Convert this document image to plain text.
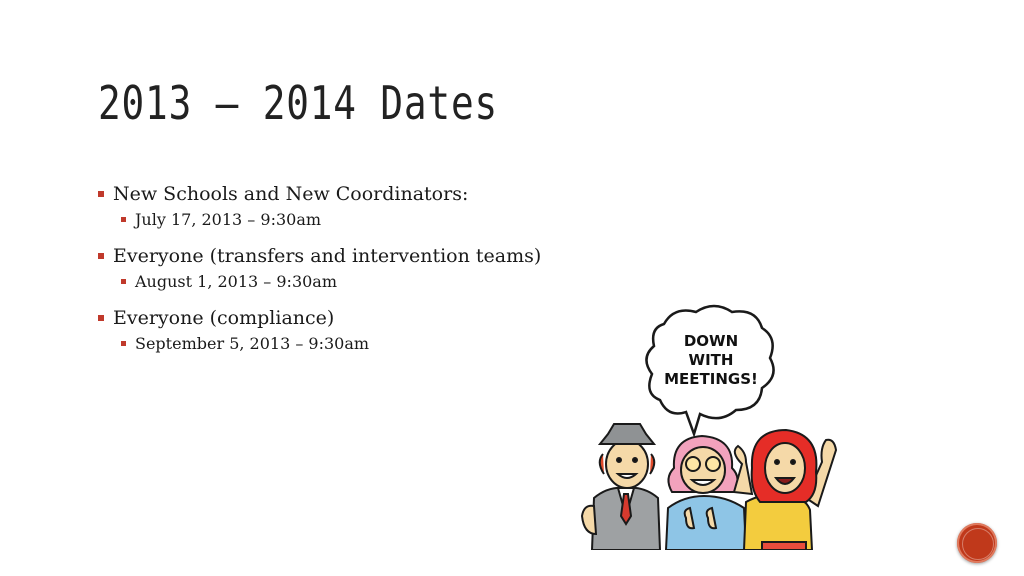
2013 – 2014 Dates
New Schools and New Coordinators:
July 17, 2013 – 9:30am
Everyone (transfers and intervention teams)
August 1, 2013 – 9:30am
Everyone (compliance)
September 5, 2013 – 9:30am	DOWN
WITH
MEETINGS!
